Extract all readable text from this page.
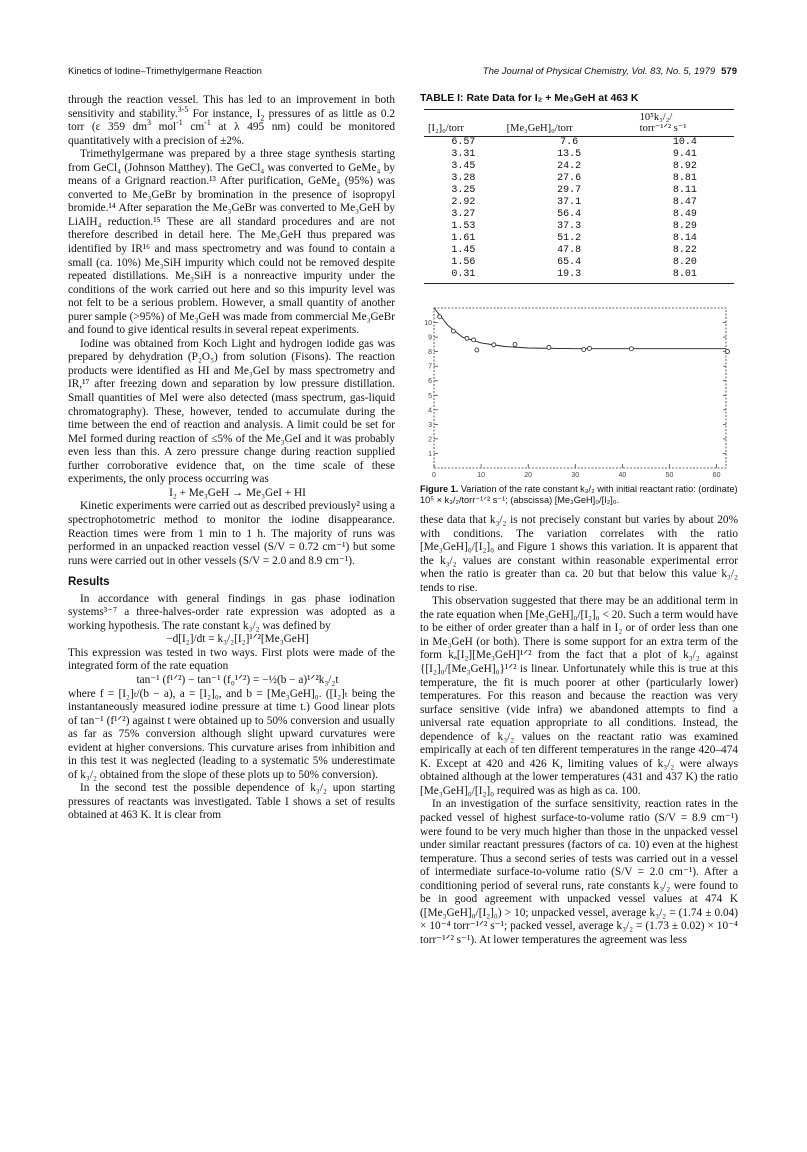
Kinetics of Iodine–Trimethylgermane Reaction	The Journal of Physical Chemistry, Vol. 83, No. 5, 1979 579

through the reaction vessel. This has led to an improvement in both sensitivity and stability.$^{3-5}$ For instance, $I_2$ pressures of as little as 0.2 torr (ε 359 $dm^3$ mol$^{-1}$ $cm^{-1}$ at λ 495 nm) could be monitored quantitatively with a precision of ±2%.

Trimethylgermane was prepared by a three stage synthesis starting from GeCl₄ (Johnson Matthey). The GeCl₄ was converted to GeMe₄ by means of a Grignard reaction.¹³ After purification, GeMe₄ (95%) was converted to Me₃GeBr by bromination in the presence of isopropyl bromide.¹⁴ After separation the Me₃GeBr was converted to Me₃GeH by LiAlH₄ reduction.¹⁵ These are all standard procedures and are not therefore described in detail here. The Me₃GeH thus prepared was identified by IR¹⁶ and mass spectrometry and was found to contain a small (ca. 10%) Me₃SiH impurity which could not be removed despite repeated distillations. Me₃SiH is a nonreactive impurity under the conditions of the work carried out here and so this impurity level was not felt to be a serious problem. However, a small quantity of another purer sample (>95%) of Me₃GeH was made from commercial Me₃GeBr and found to give identical results in several repeat experiments.

Iodine was obtained from Koch Light and hydrogen iodide gas was prepared by dehydration (P₂O₅) from solution (Fisons). The reaction products were identified as HI and Me₃GeI by mass spectrometry and IR,¹⁷ after freezing down and separation by low pressure distillation. Small quantities of MeI were also detected (mass spectrum, gas-liquid chromatography). These, however, tended to accumulate during the time between the end of reaction and analysis. A limit could be set for MeI formed during reaction of ≤5% of the Me₃GeI and it was probably even less than this. A zero pressure change during reaction supplied further corroborative evidence that, on the time scale of these experiments, the only process occurring was

I₂ + Me₃GeH → Me₃GeI + HI

Kinetic experiments were carried out as described previously² using a spectrophotometric method to monitor the iodine disappearance. Reaction times were from 1 min to 1 h. The majority of runs was performed in an unpacked reaction vessel (S/V = 0.72 cm⁻¹) but some runs were carried out in other vessels (S/V = 2.0 and 8.9 cm⁻¹).

Results

In accordance with general findings in gas phase iodination systems³⁻⁷ a three-halves-order rate expression was adopted as a working hypothesis. The rate constant k₃/₂ was defined by

−d[I₂]/dt = k₃/₂[I₂]¹ᐟ²[Me₃GeH]

This expression was tested in two ways. First plots were made of the integrated form of the rate equation

tan⁻¹ (f¹ᐟ²) − tan⁻¹ (f₀¹ᐟ²) = −½(b − a)¹ᐟ²k₃/₂t

where f = [I₂]ₜ/(b − a), a = [I₂]₀, and b = [Me₃GeH]₀. ([I₂]ₜ being the instantaneously measured iodine pressure at time t.) Good linear plots of tan⁻¹ (f¹ᐟ²) against t were obtained up to 50% conversion and usually as far as 75% conversion although slight upward curvatures were evident at higher conversions. This curvature arises from inhibition and in this test it was neglected (leading to a systematic 5% underestimate of k₃/₂ obtained from the slope of these plots up to 50% conversion).

In the second test the possible dependence of k₃/₂ upon starting pressures of reactants was investigated. Table I shows a set of results obtained at 463 K. It is clear from

TABLE I: Rate Data for I₂ + Me₃GeH at 463 K
[I₂]₀/torr	[Me₃GeH]₀/torr	10⁵k₃/₂/
torr⁻¹ᐟ² s⁻¹

6.57	7.6	10.4
3.31	13.5	9.41
3.45	24.2	8.92
3.28	27.6	8.81
3.25	29.7	8.11
2.92	37.1	8.47
3.27	56.4	8.49
1.53	37.3	8.29
1.61	51.2	8.14
1.45	47.8	8.22
1.56	65.4	8.20
0.31	19.3	8.01
0	10	20	30	40	50	60
1
2
3
4
5
6
7
8
9
10
Figure 1. Variation of the rate constant k₃/₂ with initial reactant ratio: (ordinate) 10⁵ × k₃/₂/torr⁻¹ᐟ² s⁻¹; (abscissa) [Me₃GeH]₀/[I₂]₀.

these data that k₃/₂ is not precisely constant but varies by about 20% with conditions. The variation correlates with the ratio [Me₃GeH]₀/[I₂]₀ and Figure 1 shows this variation. It is apparent that the k₃/₂ values are constant within reasonable experimental error when the ratio is greater than ca. 20 but that below this value k₃/₂ tends to rise.

This observation suggested that there may be an additional term in the rate equation when [Me₃GeH]₀/[I₂]₀ < 20. Such a term would have to be either of order greater than a half in I₂ or of order less than one in Me₃GeH (or both). There is some support for an extra term of the form kₐ[I₂][Me₃GeH]¹ᐟ² from the fact that a plot of k₃/₂ against {[I₂]₀/[Me₃GeH]₀}¹ᐟ² is linear. Unfortunately while this is true at this temperature, the fit is much poorer at other (particularly lower) temperatures. For this reason and because the reaction was very surface sensitive (vide infra) we abandoned attempts to find a universal rate equation appropriate to all conditions. Instead, the dependence of k₃/₂ values on the reactant ratio was examined empirically at each of ten different temperatures in the range 420–474 K. Except at 420 and 426 K, limiting values of k₃/₂ were always obtained although at the lower temperatures (431 and 437 K) the ratio [Me₃GeH]₀/[I₂]₀ required was as high as ca. 100.

In an investigation of the surface sensitivity, reaction rates in the packed vessel of highest surface-to-volume ratio (S/V = 8.9 cm⁻¹) were found to be very much higher than those in the unpacked vessel under similar reactant pressures (factors of ca. 10) even at the highest temperature. Thus a second series of tests was carried out in a vessel of intermediate surface-to-volume ratio (S/V = 2.0 cm⁻¹). After a conditioning period of several runs, rate constants k₃/₂ were found to be in good agreement with unpacked vessel values at 474 K ([Me₃GeH]₀/[I₂]₀) > 10; unpacked vessel, average k₃/₂ = (1.74 ± 0.04) × 10⁻⁴ torr⁻¹ᐟ² s⁻¹; packed vessel, average k₃/₂ = (1.73 ± 0.02) × 10⁻⁴ torr⁻¹ᐟ² s⁻¹). At lower temperatures the agreement was less
